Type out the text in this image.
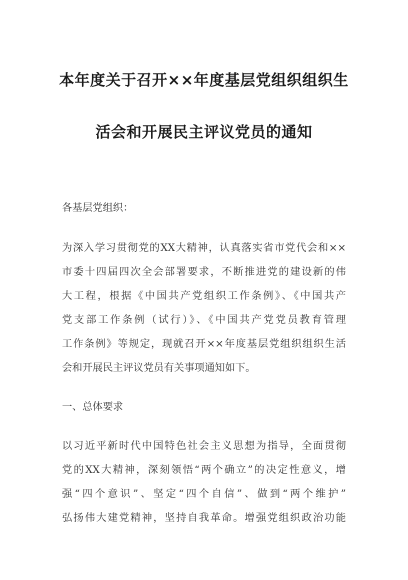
本年度关于召开××年度基层党组织组织生
活会和开展民主评议党员的通知
各基层党组织：
为深入学习贯彻党的XX大精神，认真落实省市党代会和××
市委十四届四次全会部署要求，不断推进党的建设新的伟
大工程，根据《中国共产党组织工作条例》、《中国共产
党支部工作条例（试行）》、《中国共产党党员教育管理
工作条例》等规定，现就召开××年度基层党组织组织生活
会和开展民主评议党员有关事项通知如下。
一、总体要求
以习近平新时代中国特色社会主义思想为指导，全面贯彻
党的XX大精神，深刻领悟“两个确立”的决定性意义，增
强“四个意识”、坚定“四个自信”、做到“两个维护”
弘扬伟大建党精神，坚持自我革命。增强党组织政治功能
